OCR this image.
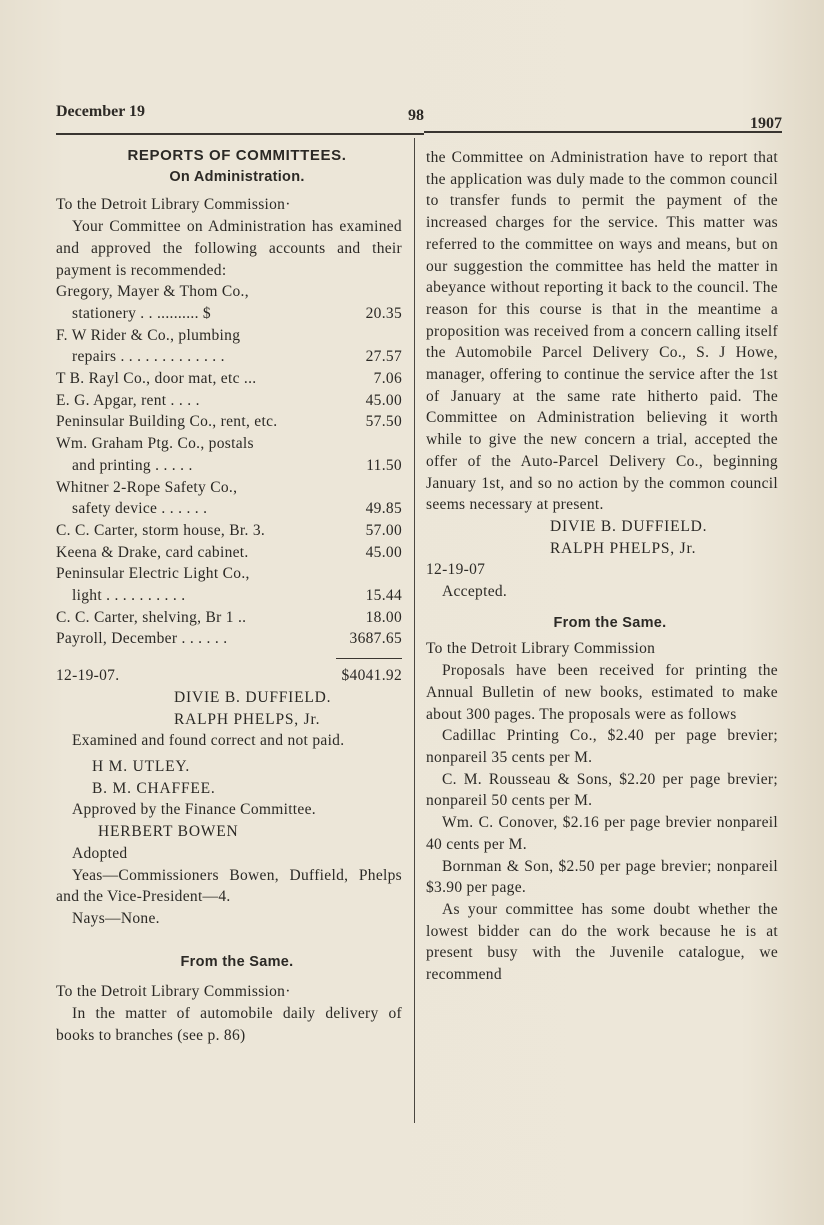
December 19	98	1907
REPORTS OF COMMITTEES.
On Administration.
To the Detroit Library Commission·
Your Committee on Administration has examined and approved the following accounts and their payment is recommended:
Gregory, Mayer & Thom Co.,
stationery . . .......... $	20.35
F. W Rider & Co., plumbing
repairs . . . . . . . . . . . . .	27.57
T B. Rayl Co., door mat, etc ...	7.06
E. G. Apgar, rent . . . .	45.00
Peninsular Building Co., rent, etc.	57.50
Wm. Graham Ptg. Co., postals
and printing . . . . .	11.50
Whitner 2-Rope Safety Co.,
safety device . . . . . .	49.85
C. C. Carter, storm house, Br. 3.	57.00
Keena & Drake, card cabinet.	45.00
Peninsular Electric Light Co.,
light . . . . . . . . . .	15.44
C. C. Carter, shelving, Br 1 ..	18.00
Payroll, December . . . . . .	3687.65
12-19-07.	$4041.92
DIVIE B. DUFFIELD.
RALPH PHELPS, Jr.
Examined and found correct and not paid.
H M. UTLEY.
B. M. CHAFFEE.
Approved by the Finance Committee.
HERBERT BOWEN
Adopted
Yeas—Commissioners Bowen, Duffield, Phelps and the Vice-President—4.
Nays—None.
From the Same.
To the Detroit Library Commission·
In the matter of automobile daily delivery of books to branches (see p. 86)
the Committee on Administration have to report that the application was duly made to the common council to transfer funds to permit the payment of the increased charges for the service. This matter was referred to the committee on ways and means, but on our suggestion the committee has held the matter in abeyance without reporting it back to the council. The reason for this course is that in the meantime a proposition was received from a concern calling itself the Automobile Parcel Delivery Co., S. J Howe, manager, offering to continue the service after the 1st of January at the same rate hitherto paid. The Committee on Administration believing it worth while to give the new concern a trial, accepted the offer of the Auto-Parcel Delivery Co., beginning January 1st, and so no action by the common council seems necessary at present.
DIVIE B. DUFFIELD.
RALPH PHELPS, Jr.
12-19-07
Accepted.
From the Same.
To the Detroit Library Commission
Proposals have been received for printing the Annual Bulletin of new books, estimated to make about 300 pages. The proposals were as follows
Cadillac Printing Co., $2.40 per page brevier; nonpareil 35 cents per M.
C. M. Rousseau & Sons, $2.20 per page brevier; nonpareil 50 cents per M.
Wm. C. Conover, $2.16 per page brevier nonpareil 40 cents per M.
Bornman & Son, $2.50 per page brevier; nonpareil $3.90 per page.
As your committee has some doubt whether the lowest bidder can do the work because he is at present busy with the Juvenile catalogue, we recommend
